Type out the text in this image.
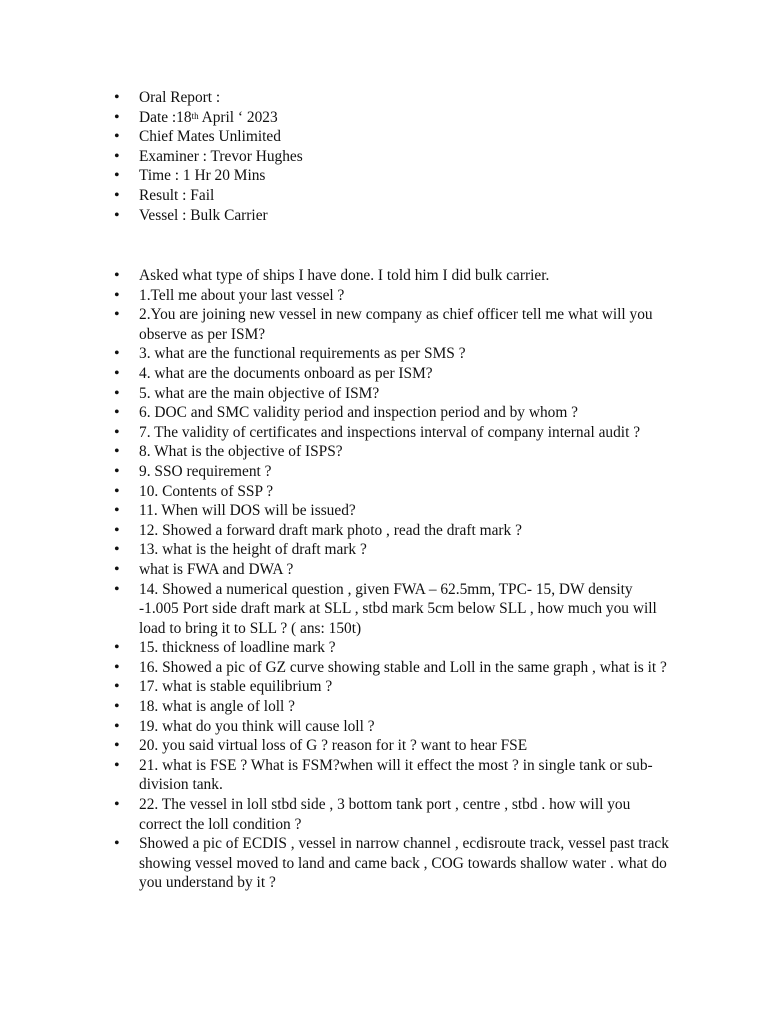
• Oral Report :
• Date :18th April ‘ 2023
• Chief Mates Unlimited
• Examiner : Trevor Hughes
• Time : 1 Hr 20 Mins
• Result : Fail
• Vessel : Bulk Carrier
• Asked what type of ships I have done. I told him I did bulk carrier.
• 1.Tell me about your last vessel ?
• 2.You are joining new vessel in new company as chief officer tell me what will you observe as per ISM?
• 3. what are the functional requirements as per SMS ?
• 4. what are the documents onboard as per ISM?
• 5. what are the main objective of ISM?
• 6. DOC and SMC validity period and inspection period and by whom ?
• 7. The validity of certificates and inspections interval of company internal audit ?
• 8. What is the objective of ISPS?
• 9. SSO requirement ?
• 10. Contents of SSP ?
• 11. When will DOS will be issued?
• 12. Showed a forward draft mark photo , read the draft mark ?
• 13. what is the height of draft mark ?
• what is FWA and DWA ?
• 14. Showed a numerical question , given FWA – 62.5mm, TPC- 15, DW density -1.005 Port side draft mark at SLL , stbd mark 5cm below SLL , how much you will load to bring it to SLL ? ( ans: 150t)
• 15. thickness of loadline mark ?
• 16. Showed a pic of GZ curve showing stable and Loll in the same graph , what is it ?
• 17. what is stable equilibrium ?
• 18. what is angle of loll ?
• 19. what do you think will cause loll ?
• 20. you said virtual loss of G ? reason for it ? want to hear FSE
• 21. what is FSE ? What is FSM?when will it effect the most ? in single tank or sub-division tank.
• 22. The vessel in loll stbd side , 3 bottom tank port , centre , stbd . how will you correct the loll condition ?
• Showed a pic of ECDIS , vessel in narrow channel , ecdisroute track, vessel past track showing vessel moved to land and came back , COG towards shallow water . what do you understand by it ?
